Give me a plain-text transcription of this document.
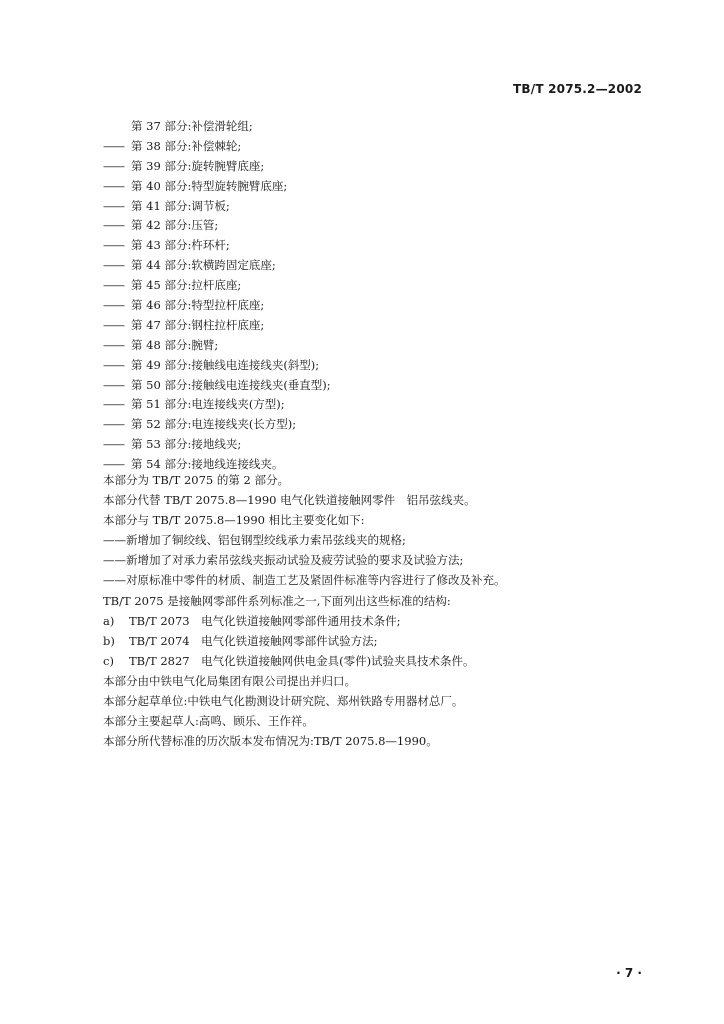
TB/T 2075.2—2002
第 37 部分:补偿滑轮组;
—— 第 38 部分:补偿棘轮;
—— 第 39 部分:旋转腕臂底座;
—— 第 40 部分:特型旋转腕臂底座;
—— 第 41 部分:调节板;
—— 第 42 部分:压管;
—— 第 43 部分:杵环杆;
—— 第 44 部分:软横跨固定底座;
—— 第 45 部分:拉杆底座;
—— 第 46 部分:特型拉杆底座;
—— 第 47 部分:钢柱拉杆底座;
—— 第 48 部分:腕臂;
—— 第 49 部分:接触线电连接线夹(斜型);
—— 第 50 部分:接触线电连接线夹(垂直型);
—— 第 51 部分:电连接线夹(方型);
—— 第 52 部分:电连接线夹(长方型);
—— 第 53 部分:接地线夹;
—— 第 54 部分:接地线连接线夹。

本部分为 TB/T 2075 的第 2 部分。

本部分代替 TB/T 2075.8—1990 电气化铁道接触网零件　铝吊弦线夹。

本部分与 TB/T 2075.8—1990 相比主要变化如下:

——新增加了铜绞线、铝包钢型绞线承力索吊弦线夹的规格;

——新增加了对承力索吊弦线夹振动试验及疲劳试验的要求及试验方法;

——对原标准中零件的材质、制造工艺及紧固件标准等内容进行了修改及补充。

TB/T 2075 是接触网零部件系列标准之一,下面列出这些标准的结构:

a) TB/T 2073　电气化铁道接触网零部件通用技术条件;

b) TB/T 2074　电气化铁道接触网零部件试验方法;

c) TB/T 2827　电气化铁道接触网供电金具(零件)试验夹具技术条件。

本部分由中铁电气化局集团有限公司提出并归口。

本部分起草单位:中铁电气化勘测设计研究院、郑州铁路专用器材总厂。

本部分主要起草人:高鸣、顾乐、王作祥。

本部分所代替标准的历次版本发布情况为:TB/T 2075.8—1990。

· 7 ·
